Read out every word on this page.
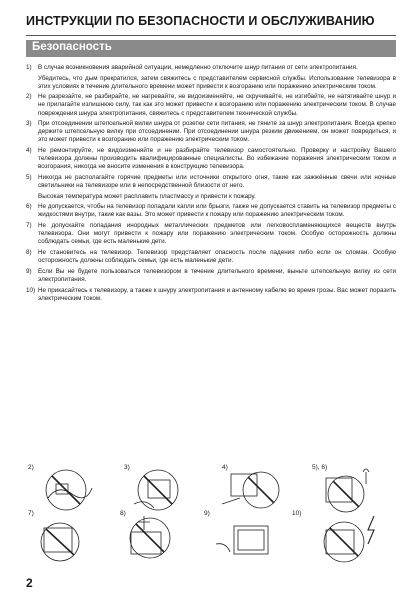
ИНСТРУКЦИИ ПО БЕЗОПАСНОСТИ И ОБСЛУЖИВАНИЮ
Безопасность
1) В случае возникновения аварийной ситуации, немедленно отключите шнур питания от сети электропитания.
Убедитесь, что дым прекратился, затем свяжитесь с представителем сервисной службы. Использование телевизора в этих условиях в течение длительного времени может привести к возгоранию или поражению электрическим током.
2) Не разрезайте, не разбирайте, не нагревайте, не видоизменяйте, не скручивайте, не изгибайте, не натягивайте шнур и не прилагайте излишнюю силу, так как это может привести к возгоранию или поражению электрическим током. В случае повреждения шнура электропитания, свяжитесь с представителем технической службы.
3) При отсоединении штепсельной вилки шнура от розетки сети питания, не тяните за шнур электропитания. Всегда крепко держите штепсельную вилку при отсоединении. При отсоединении шнура резким движением, он может повредиться, и это может привести к возгоранию или поражению электрическим током.
4) Не ремонтируйте, не видоизменяйте и не разбирайте телевизор самостоятельно. Проверку и настройку Вашего телевизора должны производить квалифицированные специалисты. Во избежание поражения электрическим током и возгорания, никогда не вносите изменения в конструкцию телевизора.
5) Никогда не располагайте горячие предметы или источники открытого огня, такие как зажжённые свечи или ночные светильники на телевизоре или в непосредственной близости от него.
Высокая температура может расплавить пластмассу и привести к пожару.
6) Не допускается, чтобы на телевизор попадали капли или брызги, также не допускается ставить на телевизор предметы с жидкостями внутри, такие как вазы. Это может привести к пожару или поражению электрическим током.
7) Не допускайте попадания инородных металлических предметов или легковоспламеняющихся веществ внутрь телевизора. Они могут привести к пожару или поражению электрическим током. Особую осторожность должны соблюдать семьи, где есть маленькие дети.
8) Не становитесь на телевизор. Телевизор представляет опасность после падения либо если он сломан. Особую осторожность должны соблюдать семьи, где есть маленькие дети.
9) Если Вы не будете пользоваться телевизором в течение длительного времени, выньте штепсельную вилку из сети электропитания.
10) Не прикасайтесь к телевизору, а также к шнуру электропитания и антенному кабелю во время грозы. Вас может поразить электрическим током.
2)	3)	4)	5), 6)
7)	8)	9)	10)
2
